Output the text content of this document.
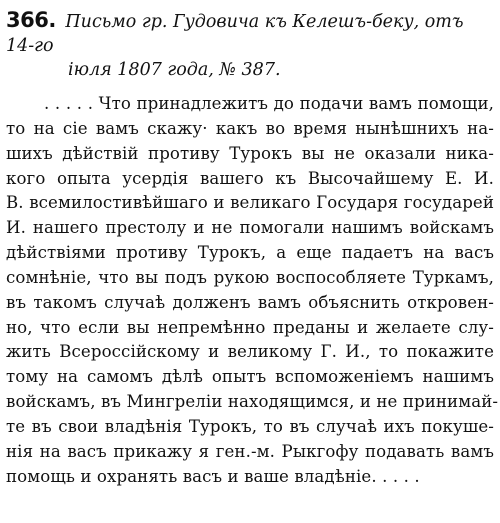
366. Письмо гр. Гудовича къ Келешъ-беку, отъ 14-го
іюля 1807 года, № 387.
. . . . . Что принадлежитъ до подачи вамъ помощи,
то на сіе вамъ скажу· какъ во время нынѣшнихъ на-
шихъ дѣйствій противу Турокъ вы не оказали ника-
кого опыта усердія вашего къ Высочайшему Е. И.
В. всемилостивѣйшаго и великаго Государя государей
И. нашего престолу и не помогали нашимъ войскамъ
дѣйствіями противу Турокъ, а еще падаетъ на васъ
сомнѣніе, что вы подъ рукою воспособляете Туркамъ,
въ такомъ случаѣ долженъ вамъ объяснить откровен-
но, что если вы непремѣнно преданы и желаете слу-
жить Всероссійскому и великому Г. И., то покажите
тому на самомъ дѣлѣ опытъ вспоможеніемъ нашимъ
войскамъ, въ Мингреліи находящимся, и не принимай-
те въ свои владѣнія Турокъ, то въ случаѣ ихъ покуше-
нія на васъ прикажу я ген.-м. Рыкгофу подавать вамъ
помощь и охранять васъ и ваше владѣніе. . . . .
